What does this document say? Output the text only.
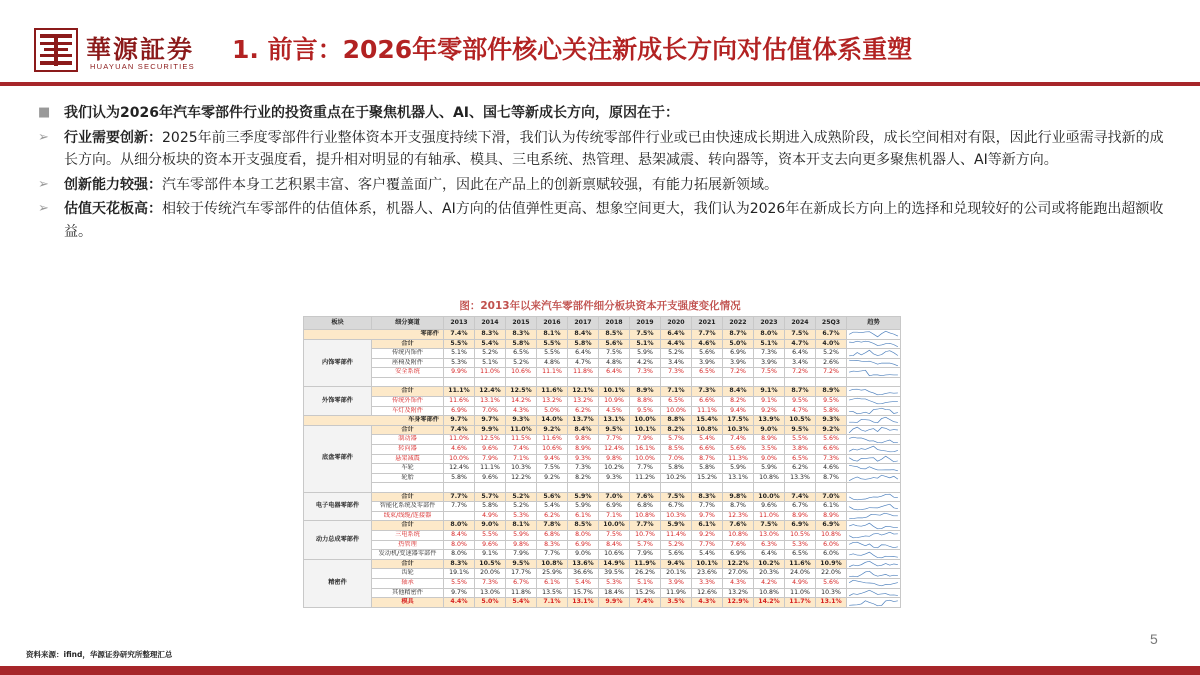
華源証券
HUAYUAN SECURITIES
1. 前言：2026年零部件核心关注新成长方向对估值体系重塑
■ 我们认为2026年汽车零部件行业的投资重点在于聚焦机器人、AI、国七等新成长方向，原因在于：
➢ 行业需要创新：2025年前三季度零部件行业整体资本开支强度持续下滑，我们认为传统零部件行业或已由快速成长期进入成熟阶段，成长空间相对有限，因此行业亟需寻找新的成长方向。从细分板块的资本开支强度看，提升相对明显的有轴承、模具、三电系统、热管理、悬架减震、转向器等，资本开支去向更多聚焦机器人、AI等新方向。
➢ 创新能力较强：汽车零部件本身工艺积累丰富、客户覆盖面广，因此在产品上的创新禀赋较强，有能力拓展新领域。
➢ 估值天花板高：相较于传统汽车零部件的估值体系，机器人、AI方向的估值弹性更高、想象空间更大，我们认为2026年在新成长方向上的选择和兑现较好的公司或将能跑出超额收益。
图：2013年以来汽车零部件细分板块资本开支强度变化情况
板块	细分赛道	2013	2014	2015	2016	2017	2018	2019	2020	2021	2022	2023	2024	25Q3	趋势
零部件		7.4%	8.3%	8.3%	8.1%	8.4%	8.5%	7.5%	6.4%	7.7%	8.7%	8.0%	7.5%	6.7%	

内饰零部件	合计	5.5%	5.4%	5.8%	5.5%	5.8%	5.6%	5.1%	4.4%	4.6%	5.0%	5.1%	4.7%	4.0%	

	传统内饰件	5.1%	5.2%	6.5%	5.5%	6.4%	7.5%	5.9%	5.2%	5.6%	6.9%	7.3%	6.4%	5.2%	

	座椅及附件	5.3%	5.1%	5.2%	4.8%	4.7%	4.8%	4.2%	3.4%	3.9%	3.9%	3.9%	3.4%	2.6%	

	安全系统	9.9%	11.0%	10.6%	11.1%	11.8%	6.4%	7.3%	7.3%	6.5%	7.2%	7.5%	7.2%	7.2%	

外饰零部件	合计	11.1%	12.4%	12.5%	11.6%	12.1%	10.1%	8.9%	7.1%	7.3%	8.4%	9.1%	8.7%	8.9%	

	传统外饰件	11.6%	13.1%	14.2%	13.2%	13.2%	10.9%	8.8%	6.5%	6.6%	8.2%	9.1%	9.5%	9.5%	

	车灯及附件	6.9%	7.0%	4.3%	5.0%	6.2%	4.5%	9.5%	10.0%	11.1%	9.4%	9.2%	4.7%	5.8%	

车身零部件		9.7%	9.7%	9.3%	14.0%	13.7%	13.1%	10.0%	8.8%	15.4%	17.5%	13.9%	10.5%	9.3%	

底盘零部件	合计	7.4%	9.9%	11.0%	9.2%	8.4%	9.5%	10.1%	8.2%	10.8%	10.3%	9.0%	9.5%	9.2%	

	制动器	11.0%	12.5%	11.5%	11.6%	9.8%	7.7%	7.9%	5.7%	5.4%	7.4%	8.9%	5.5%	5.6%	

	转向器	4.6%	9.6%	7.4%	10.6%	8.9%	12.4%	16.1%	8.5%	6.6%	5.6%	3.5%	3.8%	6.6%	

	悬架减震	10.0%	7.9%	7.1%	9.4%	9.3%	9.8%	10.0%	7.0%	8.7%	11.3%	9.0%	6.5%	7.3%	

	车轮	12.4%	11.1%	10.3%	7.5%	7.3%	10.2%	7.7%	5.8%	5.8%	5.9%	5.9%	6.2%	4.6%	

	轮胎	5.8%	9.6%	12.2%	9.2%	8.2%	9.3%	11.2%	10.2%	15.2%	13.1%	10.8%	13.3%	8.7%	

电子电器零部件	合计	7.7%	5.7%	5.2%	5.6%	5.9%	7.0%	7.6%	7.5%	8.3%	9.8%	10.0%	7.4%	7.0%	

	智能化系统及零部件	7.7%	5.8%	5.2%	5.4%	5.9%	6.9%	6.8%	6.7%	7.7%	8.7%	9.6%	6.7%	6.1%	

	线束/线缆/连接器		4.9%	5.3%	6.2%	6.1%	7.1%	10.8%	10.3%	9.7%	12.3%	11.0%	8.9%	8.9%	

动力总成零部件	合计	8.0%	9.0%	8.1%	7.8%	8.5%	10.0%	7.7%	5.9%	6.1%	7.6%	7.5%	6.9%	6.9%	

	三电系统	8.4%	5.5%	5.9%	6.8%	8.0%	7.5%	10.7%	11.4%	9.2%	10.8%	13.0%	10.5%	10.8%	

	热管理	8.0%	9.6%	9.8%	8.3%	6.9%	8.4%	5.7%	5.2%	7.7%	7.6%	6.3%	5.3%	6.0%	

	发动机/变速器零部件	8.0%	9.1%	7.9%	7.7%	9.0%	10.6%	7.9%	5.6%	5.4%	6.9%	6.4%	6.5%	6.0%	

精密件	合计	8.3%	10.5%	9.5%	10.8%	13.6%	14.9%	11.9%	9.4%	10.1%	12.2%	10.2%	11.6%	10.9%	

	齿轮	19.1%	20.0%	17.7%	25.9%	36.6%	39.5%	26.2%	20.1%	23.6%	27.0%	20.3%	24.0%	22.0%	

	轴承	5.5%	7.3%	6.7%	6.1%	5.4%	5.3%	5.1%	3.9%	3.3%	4.3%	4.2%	4.9%	5.6%	

	其他精密件	9.7%	13.0%	11.8%	13.5%	15.7%	18.4%	15.2%	11.9%	12.6%	13.2%	10.8%	11.0%	10.3%	

	模具	4.4%	5.0%	5.4%	7.1%	13.1%	9.9%	7.4%	3.5%	4.3%	12.9%	14.2%	11.7%	13.1%	
资料来源：ifind，华源证券研究所整理汇总
5
